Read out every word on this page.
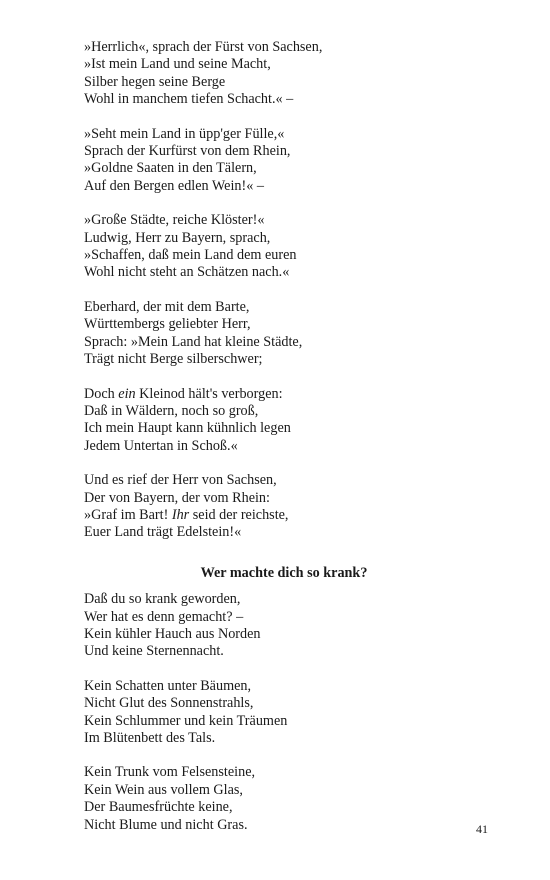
»Herrlich«, sprach der Fürst von Sachsen,
»Ist mein Land und seine Macht,
Silber hegen seine Berge
Wohl in manchem tiefen Schacht.« –
»Seht mein Land in üpp'ger Fülle,«
Sprach der Kurfürst von dem Rhein,
»Goldne Saaten in den Tälern,
Auf den Bergen edlen Wein!« –
»Große Städte, reiche Klöster!«
Ludwig, Herr zu Bayern, sprach,
»Schaffen, daß mein Land dem euren
Wohl nicht steht an Schätzen nach.«
Eberhard, der mit dem Barte,
Württembergs geliebter Herr,
Sprach: »Mein Land hat kleine Städte,
Trägt nicht Berge silberschwer;
Doch ein Kleinod hält's verborgen:
Daß in Wäldern, noch so groß,
Ich mein Haupt kann kühnlich legen
Jedem Untertan in Schoß.«
Und es rief der Herr von Sachsen,
Der von Bayern, der vom Rhein:
»Graf im Bart! Ihr seid der reichste,
Euer Land trägt Edelstein!«
Wer machte dich so krank?
Daß du so krank geworden,
Wer hat es denn gemacht? –
Kein kühler Hauch aus Norden
Und keine Sternennacht.
Kein Schatten unter Bäumen,
Nicht Glut des Sonnenstrahls,
Kein Schlummer und kein Träumen
Im Blütenbett des Tals.
Kein Trunk vom Felsensteine,
Kein Wein aus vollem Glas,
Der Baumesfrüchte keine,
Nicht Blume und nicht Gras.	41
